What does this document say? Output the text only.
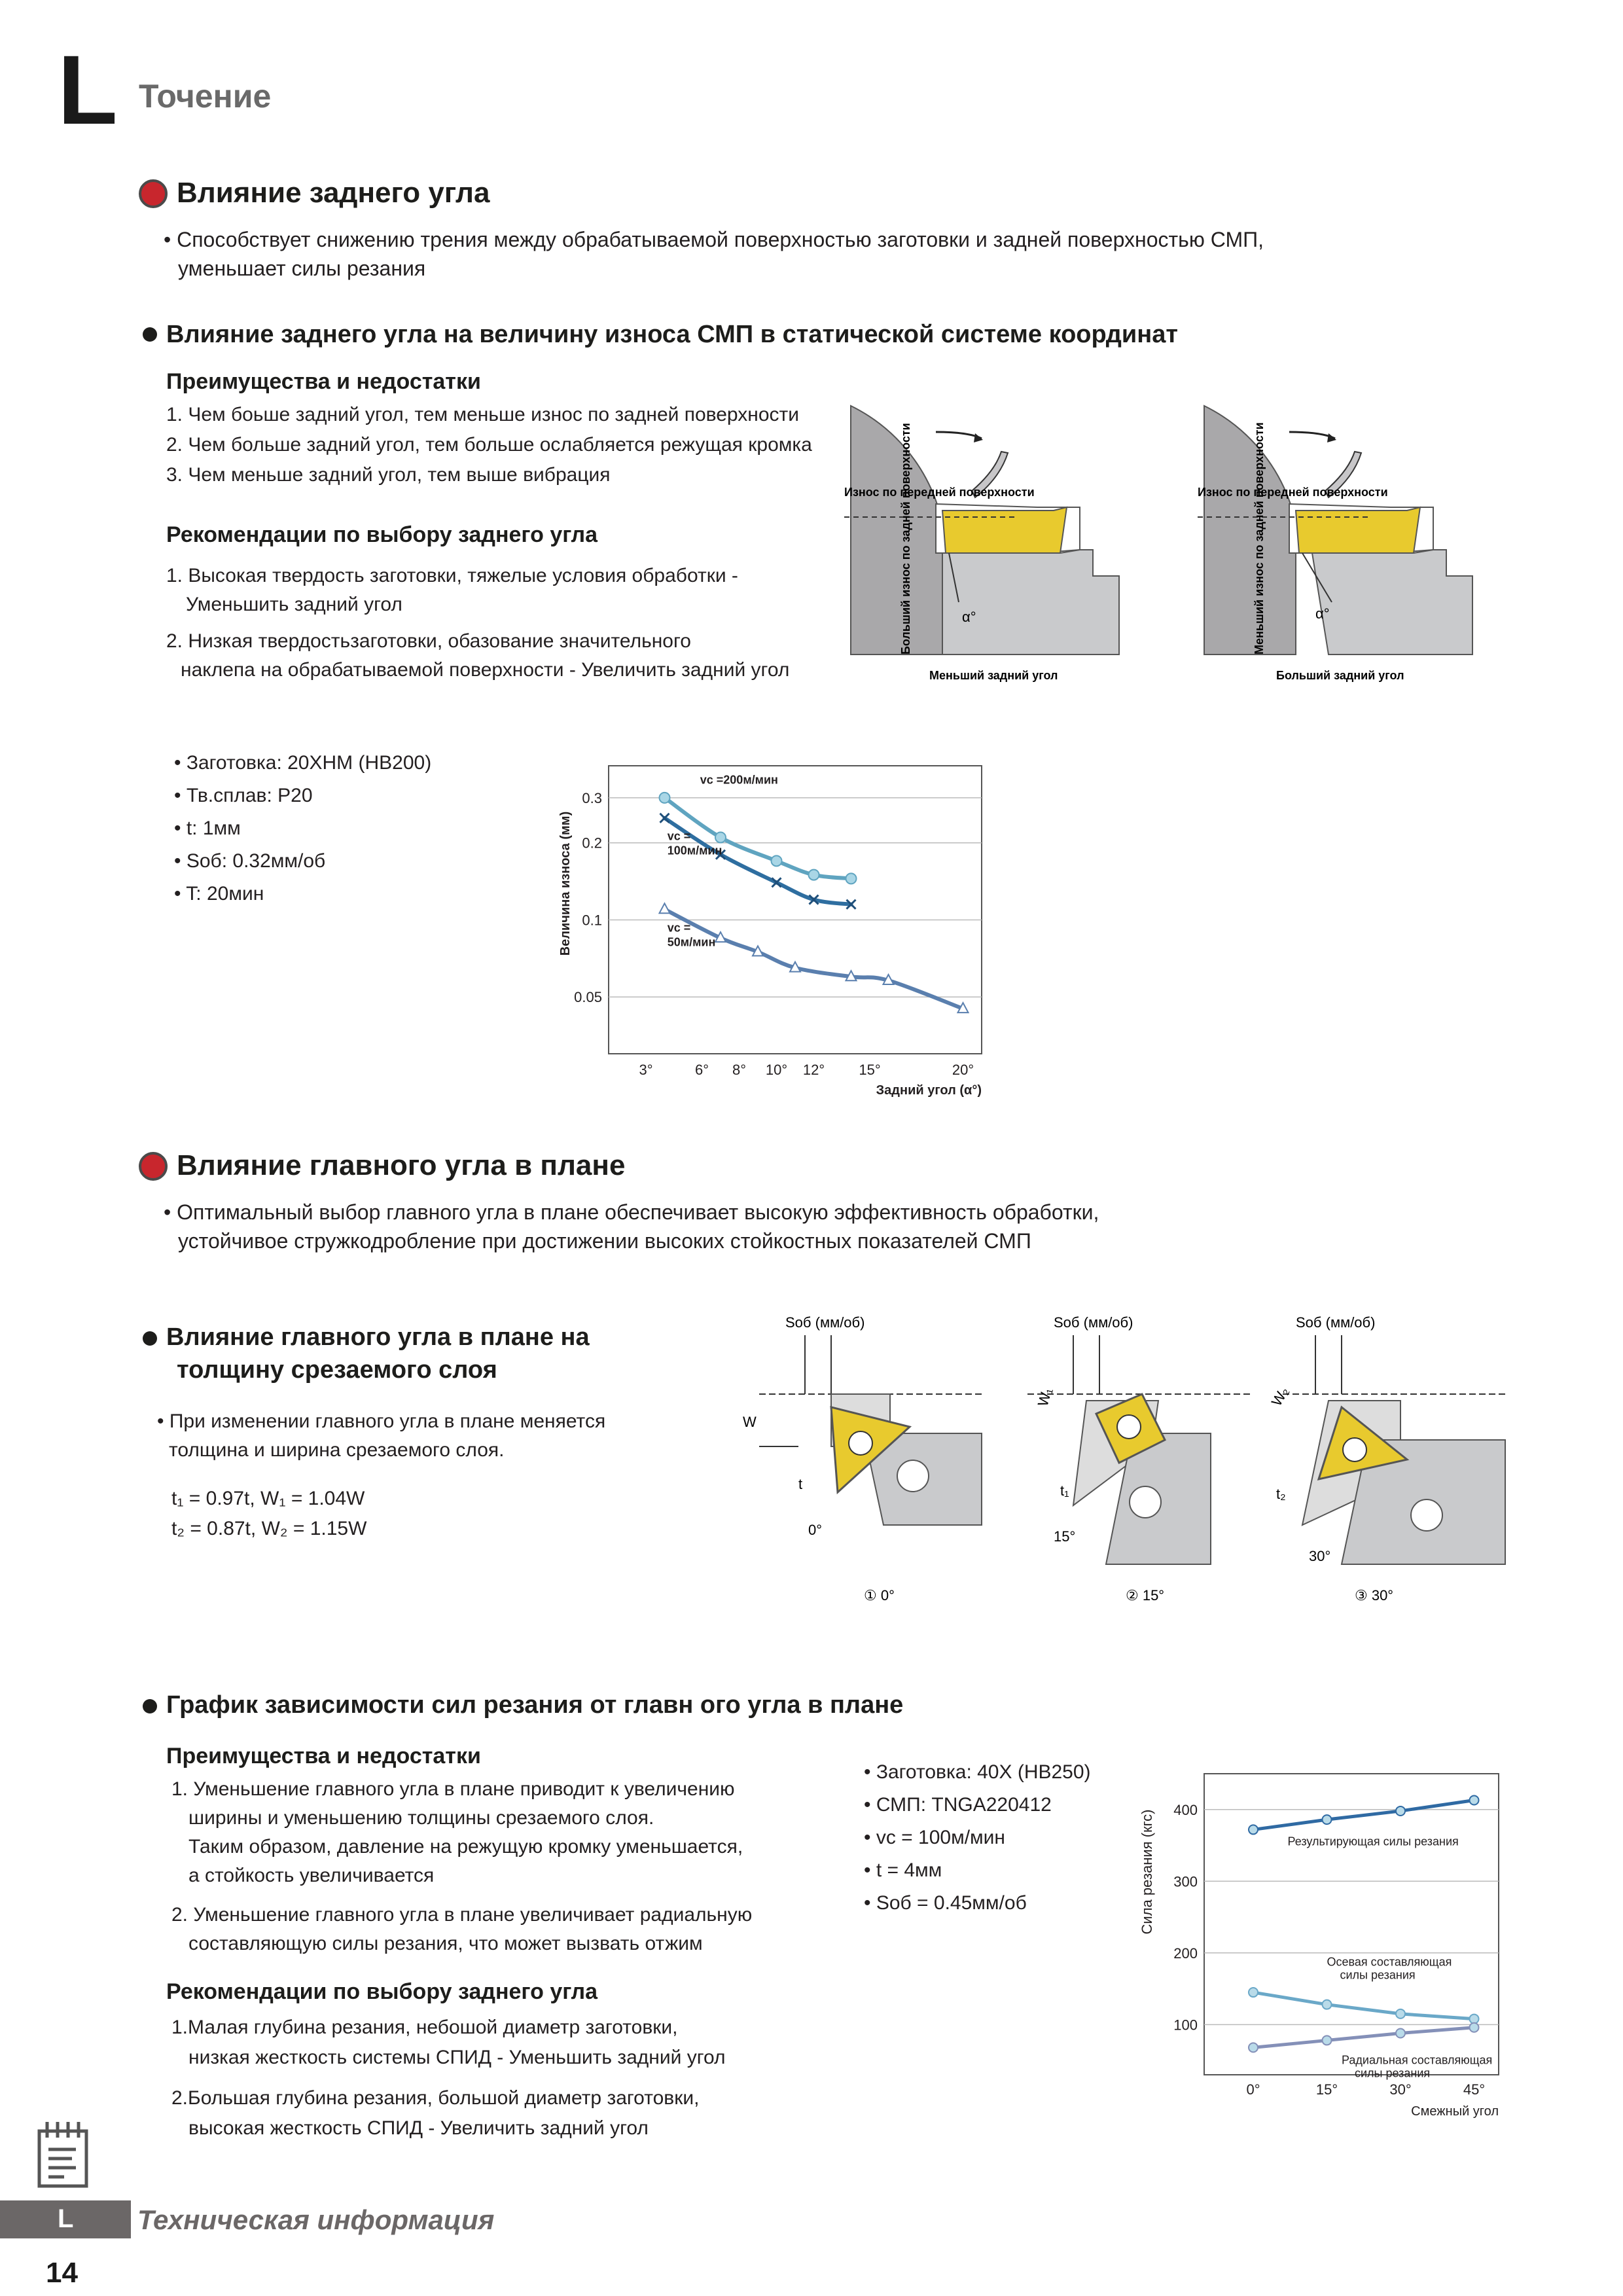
L Точение
Влияние заднего угла
• Способствует снижению трения между обрабатываемой поверхностью заготовки и задней поверхностью СМП,
уменьшает силы резания
Влияние заднего угла на величину износа СМП в статической системе координат
Преимущества и недостатки
1. Чем боьше задний угол, тем меньше износ по задней поверхности
2. Чем больше задний угол, тем больше ослабляется режущая кромка
3. Чем меньше задний угол, тем выше вибрация
Рекомендации по выбору заднего угла
1. Высокая твердость заготовки, тяжелые условия обработки -
Уменьшить задний угол
2. Низкая твердостьзаготовки, обазование значительного
наклепа на обрабатываемой поверхности - Увеличить задний угол
Износ по передней поверхности
α°
Меньший задний угол
Больший износ по задней поверхности	Износ по передней поверхности
α°
Больший задний угол
Меньший износ по задней поверхности
• Заготовка: 20ХНМ (НВ200)
• Тв.сплав: Р20
• t: 1мм
• Sоб: 0.32мм/об
• T: 20мин
0.3
0.2
0.1
0.05
3°	6° 8° 10° 12° 15°	20°
Задний угол (α°)
Величина износа (мм)
vc =200м/мин
vc =
100м/мин
vc =
50м/мин
Влияние главного угла в плане
• Оптимальный выбор главного угла в плане обеспечивает высокую эффективность обработки,
устойчивое стружкодробление при достижении высоких стойкостных показателей СМП
Влияние главного угла в плане на
толщину срезаемого слоя
• При изменении главного угла в плане меняется
толщина и ширина срезаемого слоя.
t₁ = 0.97t, W₁ = 1.04W
t₂ = 0.87t, W₂ = 1.15W
Sоб (мм/об)
W
t
0°
① 0°
Sоб (мм/об)
W₁
t₁
15°
② 15°
Sоб (мм/об)
W₂
t₂
30°
③ 30°
График зависимости сил резания от главн ого угла в плане
Преимущества и недостатки
1. Уменьшение главного угла в плане приводит к увеличению
ширины и уменьшению толщины срезаемого слоя.
Таким образом, давление на режущую кромку уменьшается,
а стойкость увеличивается
2. Уменьшение главного угла в плане увеличивает радиальную
составляющую силы резания, что может вызвать отжим
Рекомендации по выбору заднего угла
1.Малая глубина резания, небошой диаметр заготовки,
низкая жесткость системы СПИД - Уменьшить задний угол
2.Большая глубина резания, большой диаметр заготовки,
высокая жесткость СПИД - Увеличить задний угол
• Заготовка: 40Х (НВ250)
• СМП: TNGA220412
• vc = 100м/мин
• t = 4мм
• Sоб = 0.45мм/об
400
300
200
100
0°	15°	30°	45°
Смежный угол
Сила резания (кгс)	Результирующая силы резания
Осевая составляющая
силы резания
Радиальная составляющая
силы резания
L Техническая информация
14
